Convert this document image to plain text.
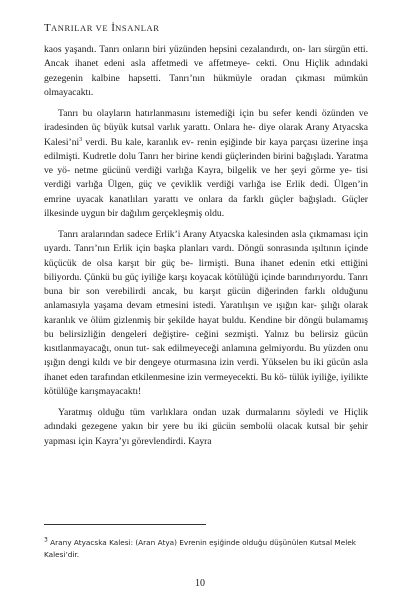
TANRILAR VE İNSANLAR

kaos yaşandı. Tanrı onların biri yüzünden hepsini cezalandırdı, on- ları sürgün etti. Ancak ihanet edeni asla affetmedi ve affetmeye- cekti. Onu Hiçlik adındaki gezegenin kalbine hapsetti. Tanrı’nın hükmüyle oradan çıkması mümkün olmayacaktı.

Tanrı bu olayların hatırlanmasını istemediği için bu sefer kendi özünden ve iradesinden üç büyük kutsal varlık yarattı. Onlara he- diye olarak Arany Atyacska $Kalesi’ni^3$ verdi. Bu kale, karanlık ev- renin eşiğinde bir kaya parçası üzerine inşa edilmişti. Kudretle dolu Tanrı her birine kendi güçlerinden birini bağışladı. Yaratma ve yö- netme gücünü verdiği varlığa Kayra, bilgelik ve her şeyi görme ye- tisi verdiği varlığa Ülgen, güç ve çeviklik verdiği varlığa ise Erlik dedi. Ülgen’in emrine uyacak kanatlıları yarattı ve onlara da farklı güçler bağışladı. Güçler ilkesinde uygun bir dağılım gerçekleşmiş oldu.

Tanrı aralarından sadece Erlik’i Arany Atyacska kalesinden asla çıkmaması için uyardı. Tanrı’nın Erlik için başka planları vardı. Döngü sonrasında ışıltının içinde küçücük de olsa karşıt bir güç be- lirmişti. Buna ihanet edenin etki ettiğini biliyordu. Çünkü bu güç iyiliğe karşı koyacak kötülüğü içinde barındırıyordu. Tanrı buna bir son verebilirdi ancak, bu karşıt gücün diğerinden farklı olduğunu anlamasıyla yaşama devam etmesini istedi. Yaratılışın ve ışığın kar- şılığı olarak karanlık ve ölüm gizlenmiş bir şekilde hayat buldu. Kendine bir döngü bulamamış bu belirsizliğin dengeleri değiştire- ceğini sezmişti. Yalnız bu belirsiz gücün kısıtlanmayacağı, onun tut- sak edilmeyeceği anlamına gelmiyordu. Bu yüzden onu ışığın dengi kıldı ve bir dengeye oturmasına izin verdi. Yükselen bu iki gücün asla ihanet eden tarafından etkilenmesine izin vermeyecekti. Bu kö- tülük iyiliğe, iyilikte kötülüğe karışmayacaktı!

Yaratmış olduğu tüm varlıklara ondan uzak durmalarını söyledi ve Hiçlik adındaki gezegene yakın bir yere bu iki gücün sembolü olacak kutsal bir şehir yapması için Kayra’yı görevlendirdi. Kayra

$^3$ Arany Atyacska Kalesi: (Aran Atya) Evrenin eşiğinde olduğu düşünülen Kutsal Melek Kalesi’dir.
10
